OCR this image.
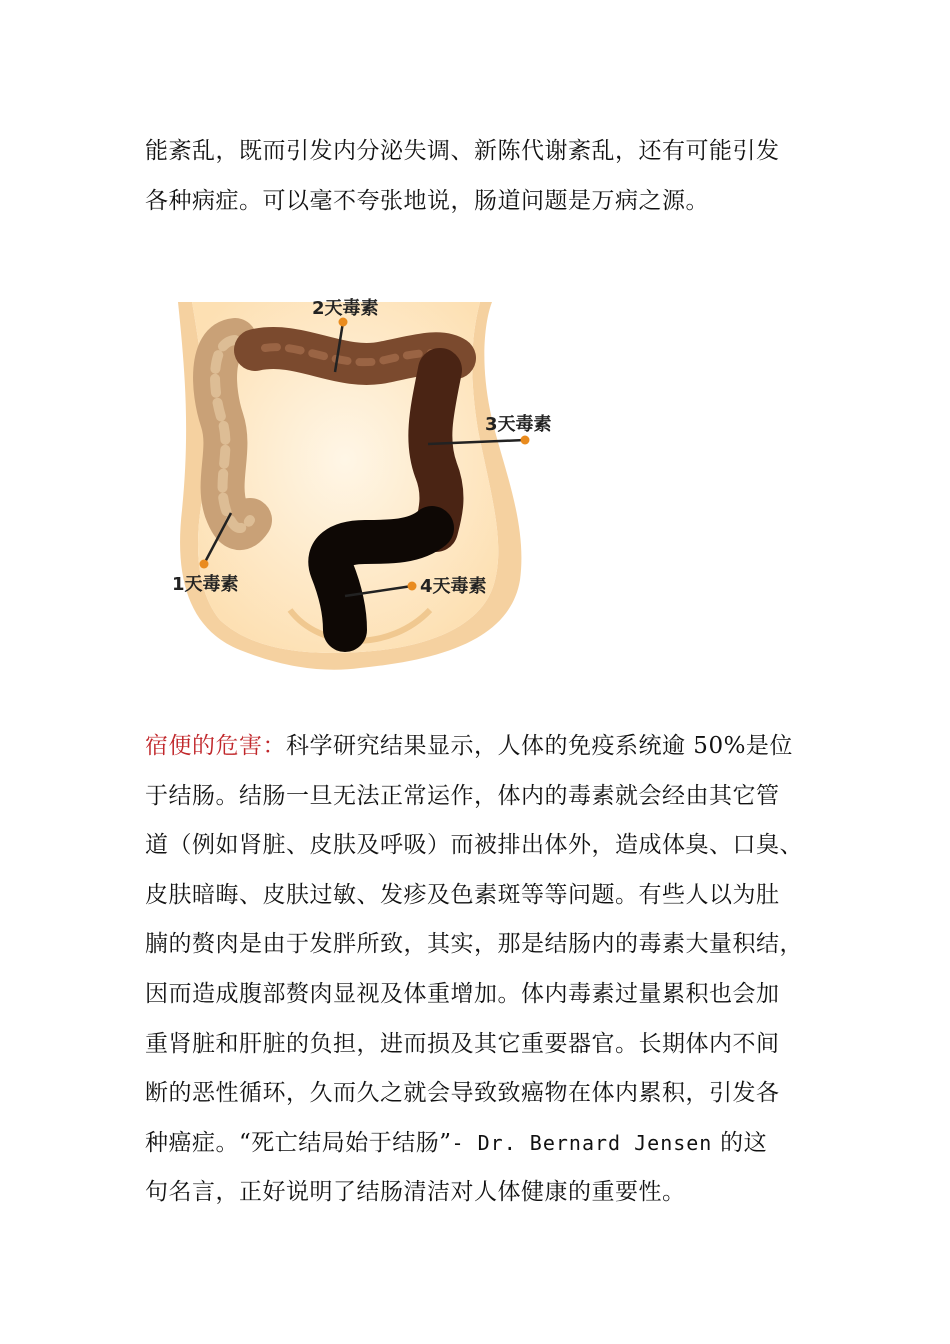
能紊乱，既而引发内分泌失调、新陈代谢紊乱，还有可能引发
各种病症。可以毫不夸张地说，肠道问题是万病之源。
2天毒素
3天毒素
1天毒素	4天毒素
宿便的危害：科学研究结果显示，人体的免疫系统逾 50%是位
于结肠。结肠一旦无法正常运作，体内的毒素就会经由其它管
道（例如肾脏、皮肤及呼吸）而被排出体外，造成体臭、口臭、
皮肤暗晦、皮肤过敏、发疹及色素斑等等问题。有些人以为肚
腩的赘肉是由于发胖所致，其实，那是结肠内的毒素大量积结，
因而造成腹部赘肉显视及体重增加。体内毒素过量累积也会加
重肾脏和肝脏的负担，进而损及其它重要器官。长期体内不间
断的恶性循环，久而久之就会导致致癌物在体内累积，引发各
种癌症。“死亡结局始于结肠”- Dr. Bernard Jensen 的这
句名言，正好说明了结肠清洁对人体健康的重要性。
